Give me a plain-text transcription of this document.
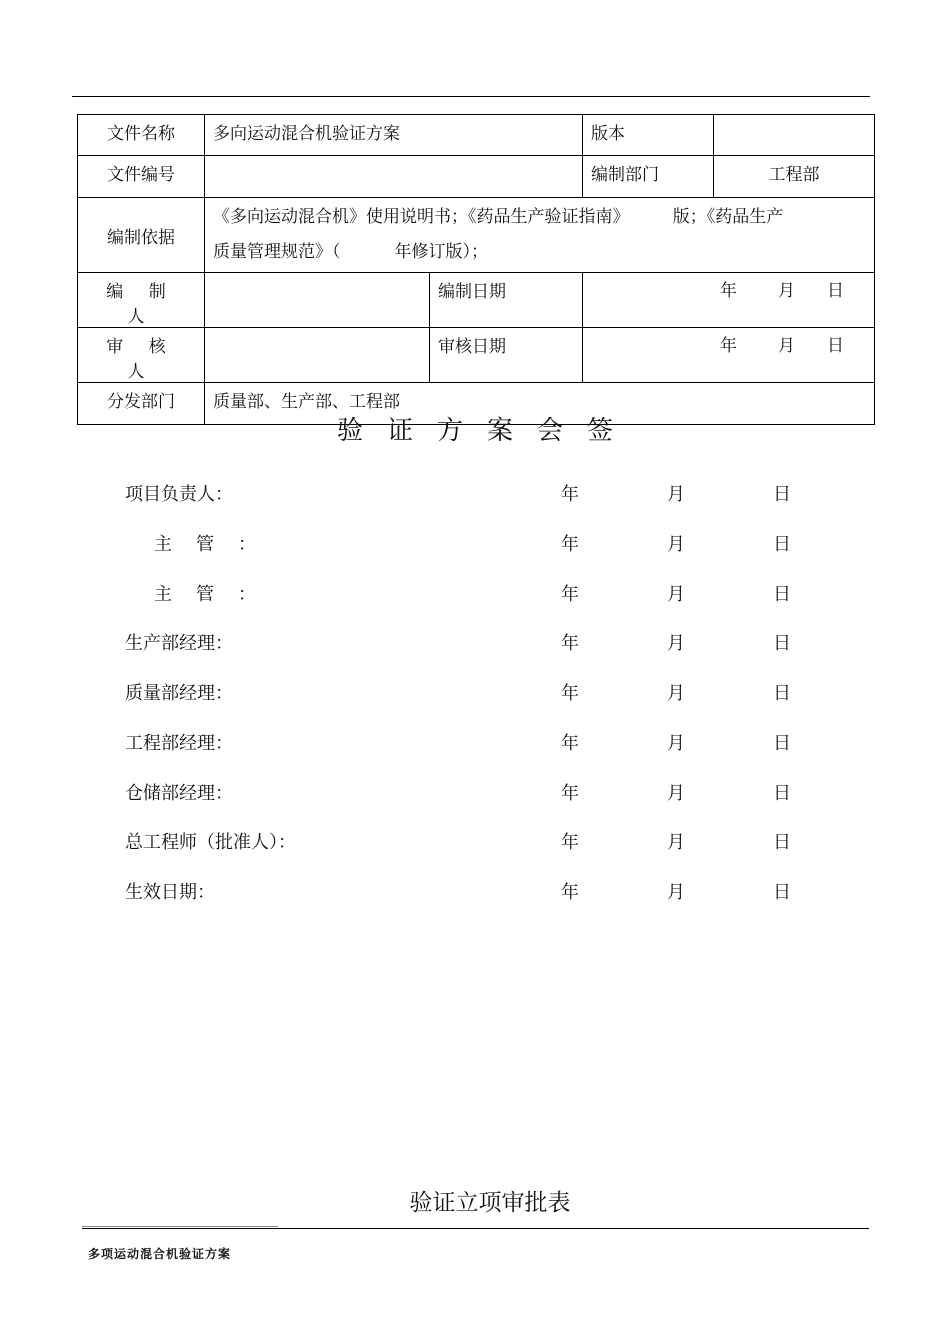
文件名称	多向运动混合机验证方案		版本	
文件编号			编制部门	工程部
编制依据	《多向运动混合机》使用说明书；《药品生产验证指南》        版；《药品生产
质量管理规范》（          年修订版）；			

编 制 人		编制日期	年 月 日	

审 核 人		审核日期	年 月 日	

分发部门	质量部、生产部、工程部			
验证方案会签
项目负责人：	年	月	日
主管：	年	月	日
主管：	年	月	日
生产部经理：	年	月	日
质量部经理：	年	月	日
工程部经理：	年	月	日
仓储部经理：	年	月	日
总工程师（批准人）：	年	月	日
生效日期：	年	月	日
验证立项审批表
多项运动混合机验证方案
